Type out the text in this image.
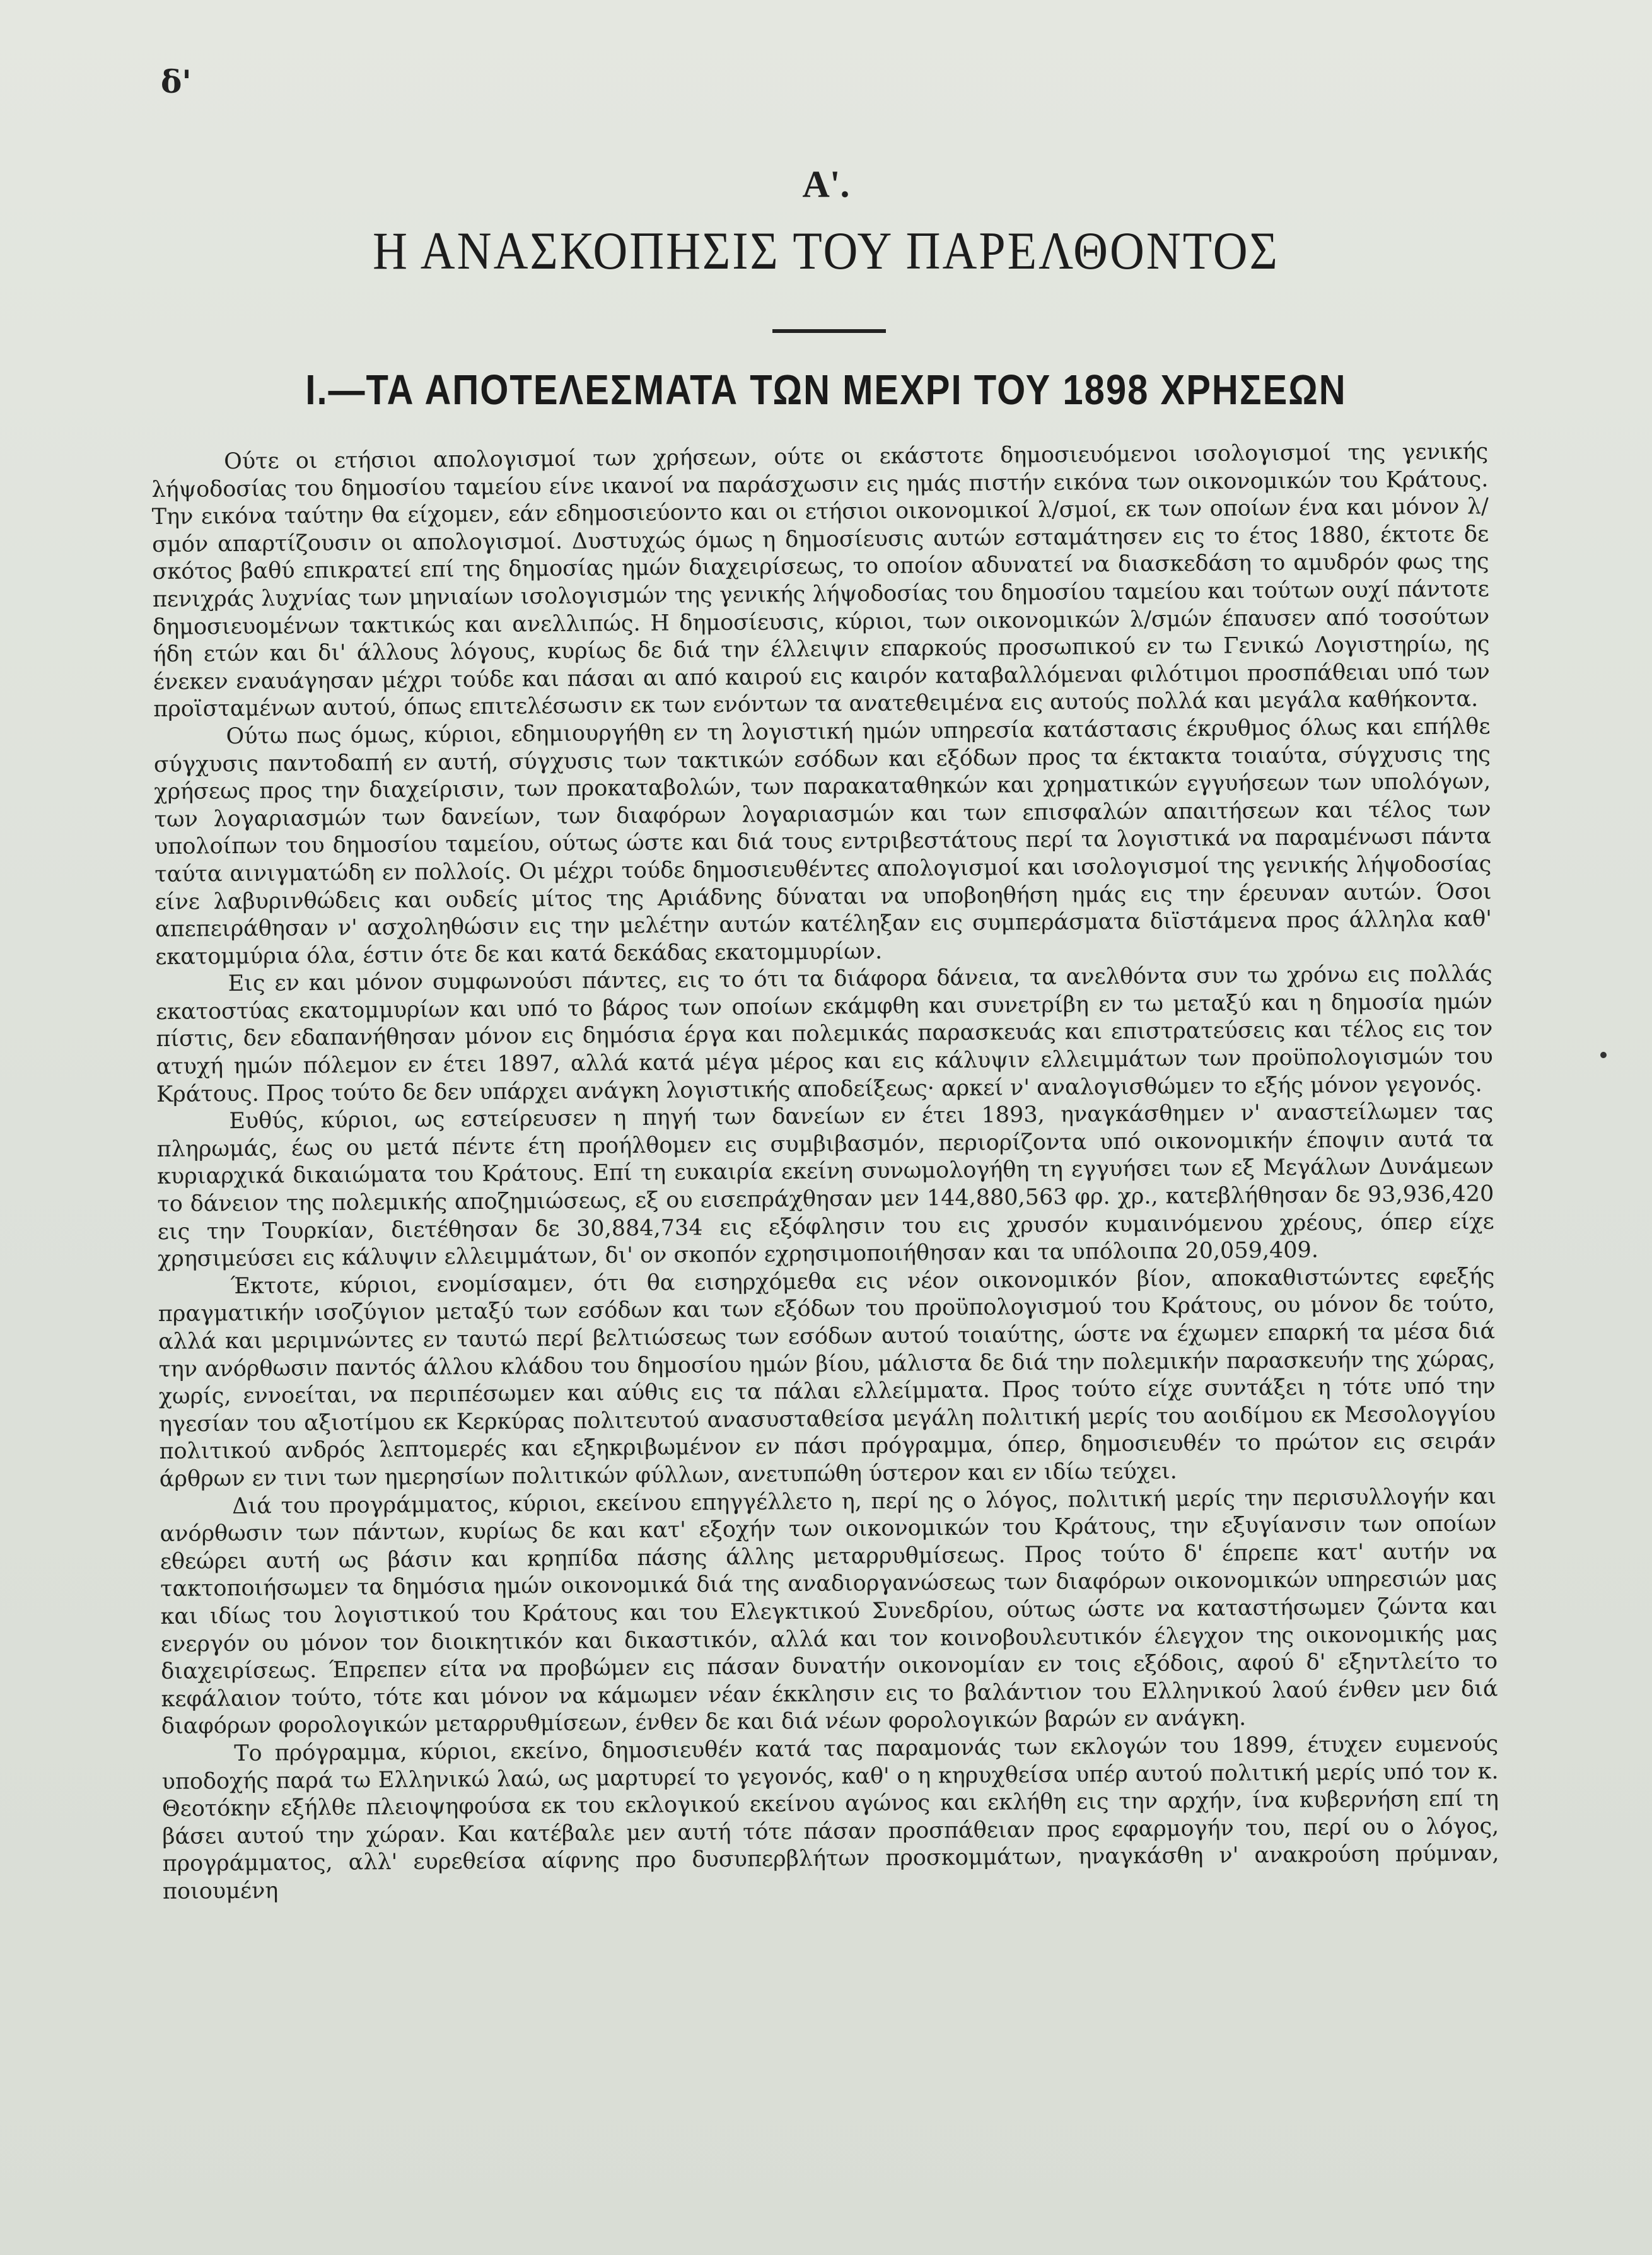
δ'
A'.
Η ΑΝΑΣΚΟΠΗΣΙΣ ΤΟΥ ΠΑΡΕΛΘΟΝΤΟΣ
I.—ΤΑ ΑΠΟΤΕΛΕΣΜΑΤΑ ΤΩΝ ΜΕΧΡΙ ΤΟΥ 1898 ΧΡΗΣΕΩΝ

Ούτε οι ετήσιοι απολογισμοί των χρήσεων, ούτε οι εκάστοτε δημοσιευόμενοι ισολογισμοί της γενικής λήψοδοσίας του δημοσίου ταμείου είνε ικανοί να παράσχωσιν εις ημάς πιστήν εικόνα των οικονομικών του Κράτους. Την εικόνα ταύτην θα είχομεν, εάν εδημοσιεύοντο και οι ετήσιοι οικονομικοί λ/σμοί, εκ των οποίων ένα και μόνον λ/σμόν απαρτίζουσιν οι απολογισμοί. Δυστυχώς όμως η δημοσίευσις αυτών εσταμάτησεν εις το έτος 1880, έκτοτε δε σκότος βαθύ επικρατεί επί της δημοσίας ημών διαχειρίσεως, το οποίον αδυνατεί να διασκεδάση το αμυδρόν φως της πενιχράς λυχνίας των μηνιαίων ισολογισμών της γενικής λήψοδοσίας του δημοσίου ταμείου και τούτων ουχί πάντοτε δημοσιευομένων τακτικώς και ανελλιπώς. Η δημοσίευσις, κύριοι, των οικονομικών λ/σμών έπαυσεν από τοσούτων ήδη ετών και δι' άλλους λόγους, κυρίως δε διά την έλλειψιν επαρκούς προσωπικού εν τω Γενικώ Λογιστηρίω, ης ένεκεν εναυάγησαν μέχρι τούδε και πάσαι αι από καιρού εις καιρόν καταβαλλόμεναι φιλότιμοι προσπάθειαι υπό των προϊσταμένων αυτού, όπως επιτελέσωσιν εκ των ενόντων τα ανατεθειμένα εις αυτούς πολλά και μεγάλα καθήκοντα.

Ούτω πως όμως, κύριοι, εδημιουργήθη εν τη λογιστική ημών υπηρεσία κατάστασις έκρυθμος όλως και επήλθε σύγχυσις παντοδαπή εν αυτή, σύγχυσις των τακτικών εσόδων και εξόδων προς τα έκτακτα τοιαύτα, σύγχυσις της χρήσεως προς την διαχείρισιν, των προκαταβολών, των παρακαταθηκών και χρηματικών εγγυήσεων των υπολόγων, των λογαριασμών των δανείων, των διαφόρων λογαριασμών και των επισφαλών απαιτήσεων και τέλος των υπολοίπων του δημοσίου ταμείου, ούτως ώστε και διά τους εντριβεστάτους περί τα λογιστικά να παραμένωσι πάντα ταύτα αινιγματώδη εν πολλοίς. Οι μέχρι τούδε δημοσιευθέντες απολογισμοί και ισολογισμοί της γενικής λήψοδοσίας είνε λαβυρινθώδεις και ουδείς μίτος της Αριάδνης δύναται να υποβοηθήση ημάς εις την έρευναν αυτών. Όσοι απεπειράθησαν ν' ασχοληθώσιν εις την μελέτην αυτών κατέληξαν εις συμπεράσματα διϊστάμενα προς άλληλα καθ' εκατομμύρια όλα, έστιν ότε δε και κατά δεκάδας εκατομμυρίων.

Εις εν και μόνον συμφωνούσι πάντες, εις το ότι τα διάφορα δάνεια, τα ανελθόντα συν τω χρόνω εις πολλάς εκατοστύας εκατομμυρίων και υπό το βάρος των οποίων εκάμφθη και συνετρίβη εν τω μεταξύ και η δημοσία ημών πίστις, δεν εδαπανήθησαν μόνον εις δημόσια έργα και πολεμικάς παρασκευάς και επιστρατεύσεις και τέλος εις τον ατυχή ημών πόλεμον εν έτει 1897, αλλά κατά μέγα μέρος και εις κάλυψιν ελλειμμάτων των προϋπολογισμών του Κράτους. Προς τούτο δε δεν υπάρχει ανάγκη λογιστικής αποδείξεως· αρκεί ν' αναλογισθώμεν το εξής μόνον γεγονός.

Ευθύς, κύριοι, ως εστείρευσεν η πηγή των δανείων εν έτει 1893, ηναγκάσθημεν ν' αναστείλωμεν τας πληρωμάς, έως ου μετά πέντε έτη προήλθομεν εις συμβιβασμόν, περιορίζοντα υπό οικονομικήν έποψιν αυτά τα κυριαρχικά δικαιώματα του Κράτους. Επί τη ευκαιρία εκείνη συνωμολογήθη τη εγγυήσει των εξ Μεγάλων Δυνάμεων το δάνειον της πολεμικής αποζημιώσεως, εξ ου εισεπράχθησαν μεν 144,880,563 φρ. χρ., κατεβλήθησαν δε 93,936,420 εις την Τουρκίαν, διετέθησαν δε 30,884,734 εις εξόφλησιν του εις χρυσόν κυμαινόμενου χρέους, όπερ είχε χρησιμεύσει εις κάλυψιν ελλειμμάτων, δι' ον σκοπόν εχρησιμοποιήθησαν και τα υπόλοιπα 20,059,409.

Έκτοτε, κύριοι, ενομίσαμεν, ότι θα εισηρχόμεθα εις νέον οικονομικόν βίον, αποκαθιστώντες εφεξής πραγματικήν ισοζύγιον μεταξύ των εσόδων και των εξόδων του προϋπολογισμού του Κράτους, ου μόνον δε τούτο, αλλά και μεριμνώντες εν ταυτώ περί βελτιώσεως των εσόδων αυτού τοιαύτης, ώστε να έχωμεν επαρκή τα μέσα διά την ανόρθωσιν παντός άλλου κλάδου του δημοσίου ημών βίου, μάλιστα δε διά την πολεμικήν παρασκευήν της χώρας, χωρίς, εννοείται, να περιπέσωμεν και αύθις εις τα πάλαι ελλείμματα. Προς τούτο είχε συντάξει η τότε υπό την ηγεσίαν του αξιοτίμου εκ Κερκύρας πολιτευτού ανασυσταθείσα μεγάλη πολιτική μερίς του αοιδίμου εκ Μεσολογγίου πολιτικού ανδρός λεπτομερές και εξηκριβωμένον εν πάσι πρόγραμμα, όπερ, δημοσιευθέν το πρώτον εις σειράν άρθρων εν τινι των ημερησίων πολιτικών φύλλων, ανετυπώθη ύστερον και εν ιδίω τεύχει.

Διά του προγράμματος, κύριοι, εκείνου επηγγέλλετο η, περί ης ο λόγος, πολιτική μερίς την περισυλλογήν και ανόρθωσιν των πάντων, κυρίως δε και κατ' εξοχήν των οικονομικών του Κράτους, την εξυγίανσιν των οποίων εθεώρει αυτή ως βάσιν και κρηπίδα πάσης άλλης μεταρρυθμίσεως. Προς τούτο δ' έπρεπε κατ' αυτήν να τακτοποιήσωμεν τα δημόσια ημών οικονομικά διά της αναδιοργανώσεως των διαφόρων οικονομικών υπηρεσιών μας και ιδίως του λογιστικού του Κράτους και του Ελεγκτικού Συνεδρίου, ούτως ώστε να καταστήσωμεν ζώντα και ενεργόν ου μόνον τον διοικητικόν και δικαστικόν, αλλά και τον κοινοβουλευτικόν έλεγχον της οικονομικής μας διαχειρίσεως. Έπρεπεν είτα να προβώμεν εις πάσαν δυνατήν οικονομίαν εν τοις εξόδοις, αφού δ' εξηντλείτο το κεφάλαιον τούτο, τότε και μόνον να κάμωμεν νέαν έκκλησιν εις το βαλάντιον του Ελληνικού λαού ένθεν μεν διά διαφόρων φορολογικών μεταρρυθμίσεων, ένθεν δε και διά νέων φορολογικών βαρών εν ανάγκη.

Το πρόγραμμα, κύριοι, εκείνο, δημοσιευθέν κατά τας παραμονάς των εκλογών του 1899, έτυχεν ευμενούς υποδοχής παρά τω Ελληνικώ λαώ, ως μαρτυρεί το γεγονός, καθ' ο η κηρυχθείσα υπέρ αυτού πολιτική μερίς υπό τον κ. Θεοτόκην εξήλθε πλειοψηφούσα εκ του εκλογικού εκείνου αγώνος και εκλήθη εις την αρχήν, ίνα κυβερνήση επί τη βάσει αυτού την χώραν. Και κατέβαλε μεν αυτή τότε πάσαν προσπάθειαν προς εφαρμογήν του, περί ου ο λόγος, προγράμματος, αλλ' ευρεθείσα αίφνης προ δυσυπερβλήτων προσκομμάτων, ηναγκάσθη ν' ανακρούση πρύμναν, ποιουμένη
